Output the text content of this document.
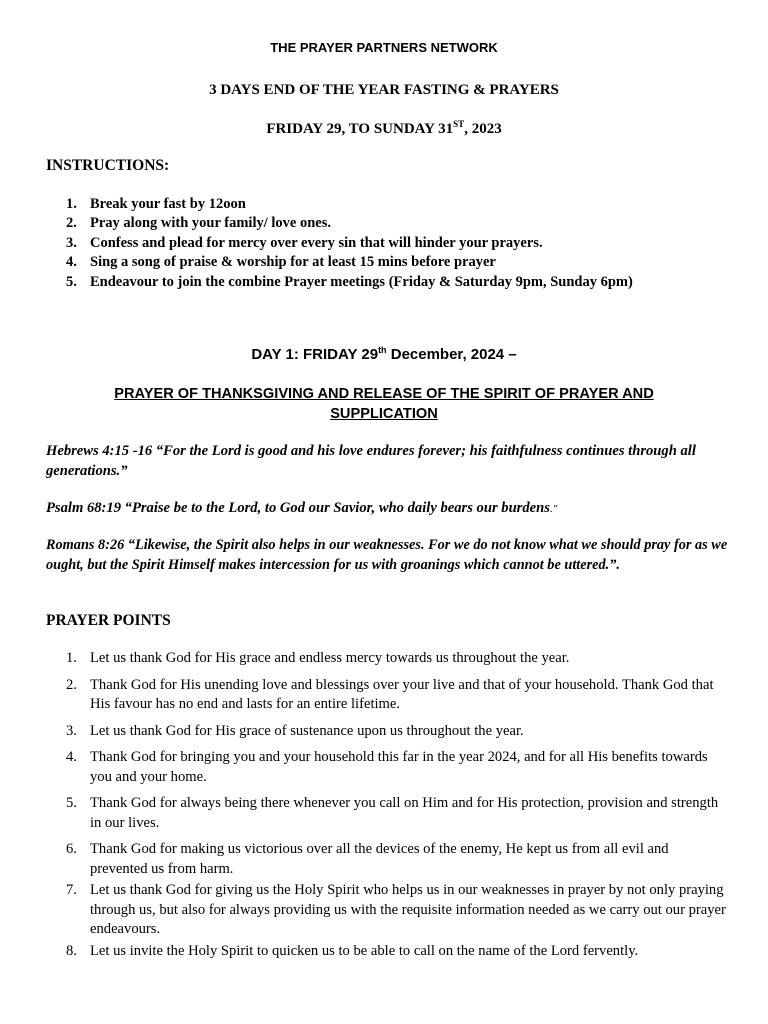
THE PRAYER PARTNERS NETWORK
3 DAYS END OF THE YEAR FASTING & PRAYERS
FRIDAY 29, TO SUNDAY 31ST, 2023
INSTRUCTIONS:
1. Break your fast by 12oon
2. Pray along with your family/ love ones.
3. Confess and plead for mercy over every sin that will hinder your prayers.
4. Sing a song of praise & worship for at least 15 mins before prayer
5. Endeavour to join the combine Prayer meetings (Friday & Saturday 9pm, Sunday 6pm)
DAY 1: FRIDAY 29th December, 2024 –
PRAYER OF THANKSGIVING AND RELEASE OF THE SPIRIT OF PRAYER AND SUPPLICATION

Hebrews 4:15 -16 “For the Lord is good and his love endures forever; his faithfulness continues through all generations.”

Psalm 68:19 “Praise be to the Lord, to God our Savior, who daily bears our burdens."

Romans 8:26 “Likewise, the Spirit also helps in our weaknesses. For we do not know what we should pray for as we ought, but the Spirit Himself makes intercession for us with groanings which cannot be uttered.”.

PRAYER POINTS
1. Let us thank God for His grace and endless mercy towards us throughout the year.
2. Thank God for His unending love and blessings over your live and that of your household. Thank God that His favour has no end and lasts for an entire lifetime.
3. Let us thank God for His grace of sustenance upon us throughout the year.
4. Thank God for bringing you and your household this far in the year 2024, and for all His benefits towards you and your home.
5. Thank God for always being there whenever you call on Him and for His protection, provision and strength in our lives.
6. Thank God for making us victorious over all the devices of the enemy, He kept us from all evil and prevented us from harm.
7. Let us thank God for giving us the Holy Spirit who helps us in our weaknesses in prayer by not only praying through us, but also for always providing us with the requisite information needed as we carry out our prayer endeavours.
8. Let us invite the Holy Spirit to quicken us to be able to call on the name of the Lord fervently.
